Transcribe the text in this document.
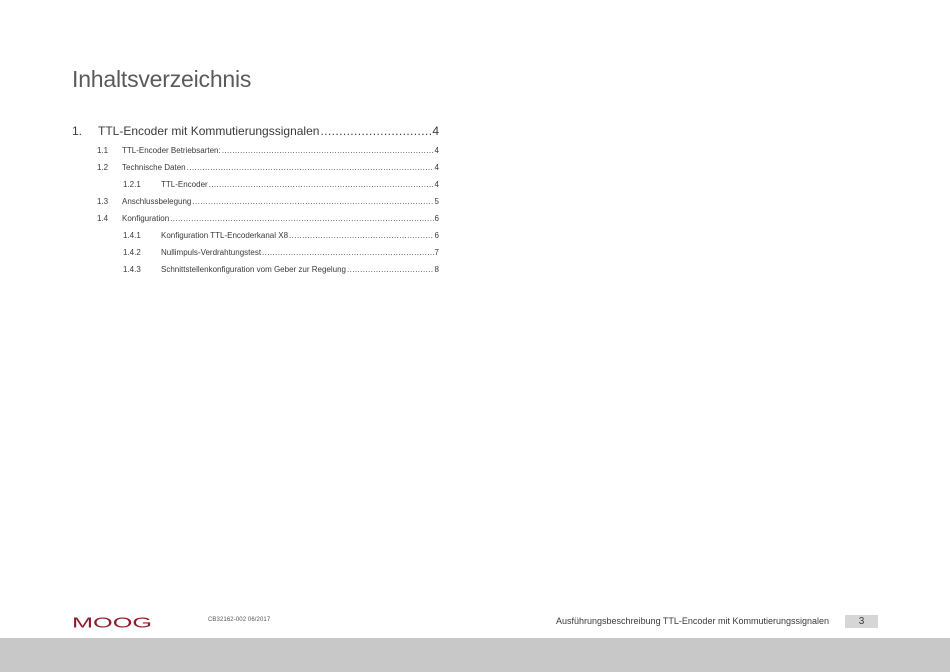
Inhaltsverzeichnis
1.	TTL-Encoder mit Kommutierungssignalen .....	4
1.1	TTL-Encoder Betriebsarten: .....	4
1.2	Technische Daten .....	4
1.2.1	TTL-Encoder .....	4
1.3	Anschlussbelegung .....	5
1.4	Konfiguration .....	6
1.4.1	Konfiguration TTL-Encoderkanal X8 .....	6
1.4.2	Nullimpuls-Verdrahtungstest .....	7
1.4.3	Schnittstellenkonfiguration vom Geber zur Regelung .....	8
MOOG	CB32162-002 06/2017	Ausführungsbeschreibung TTL-Encoder mit Kommutierungssignalen	3
